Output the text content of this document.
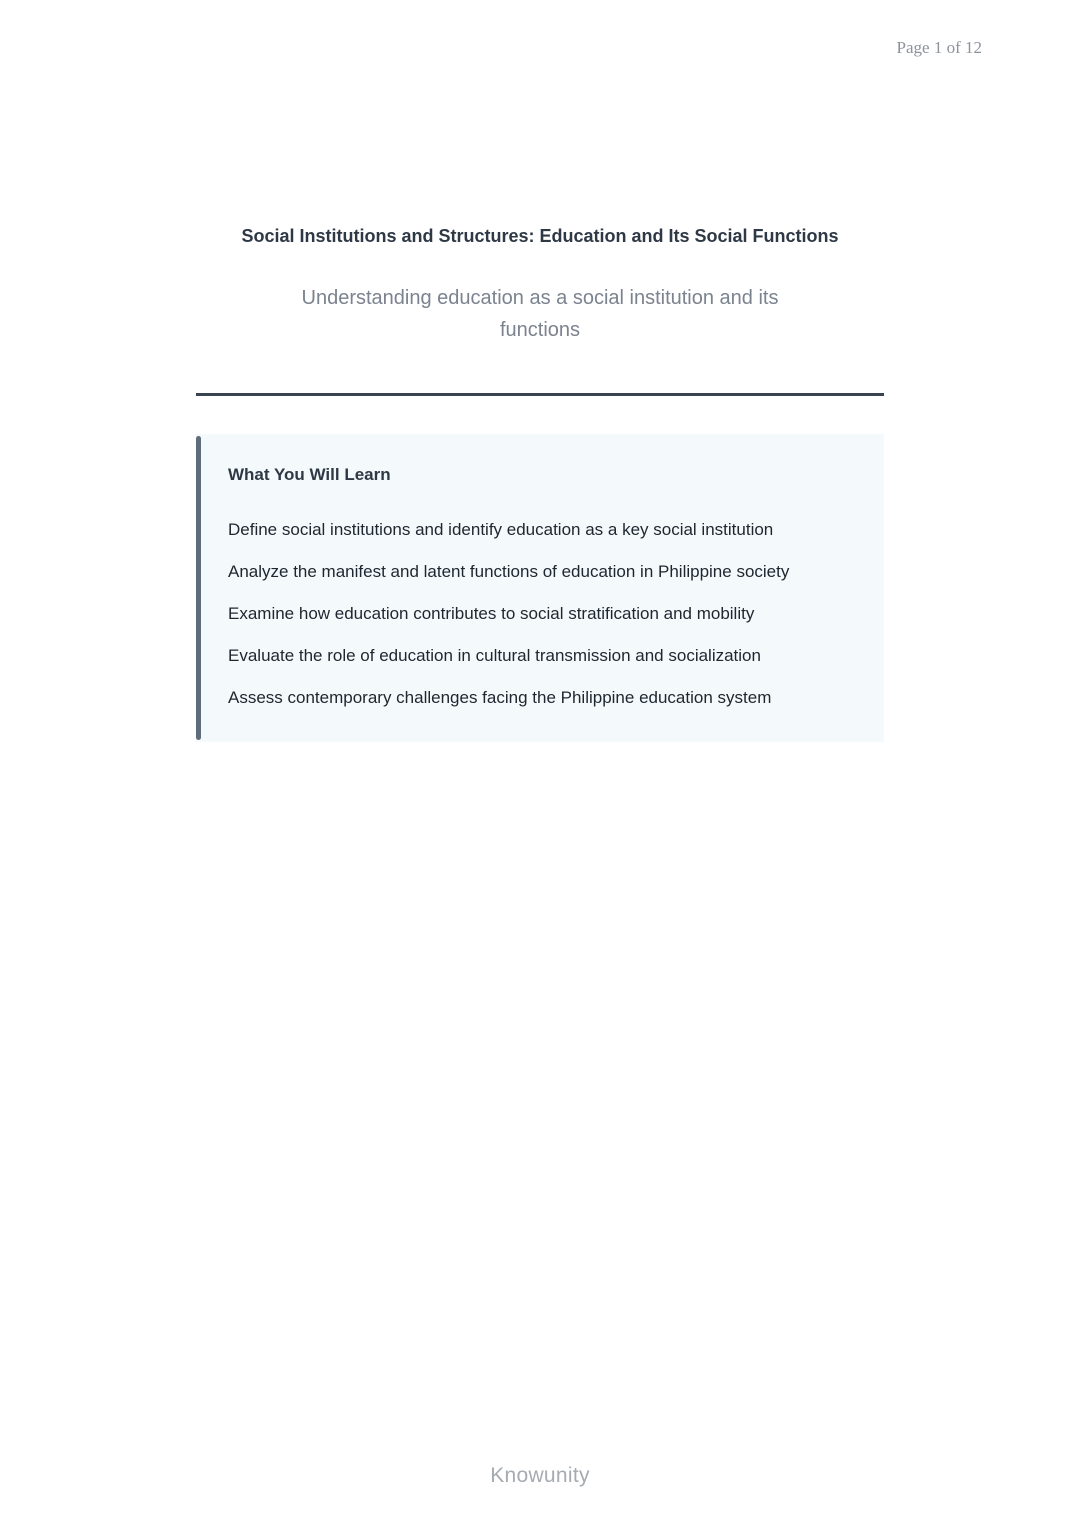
Page 1 of 12
Social Institutions and Structures: Education and Its Social Functions
Understanding education as a social institution and its functions
What You Will Learn
Define social institutions and identify education as a key social institution
Analyze the manifest and latent functions of education in Philippine society
Examine how education contributes to social stratification and mobility
Evaluate the role of education in cultural transmission and socialization
Assess contemporary challenges facing the Philippine education system
Knowunity
